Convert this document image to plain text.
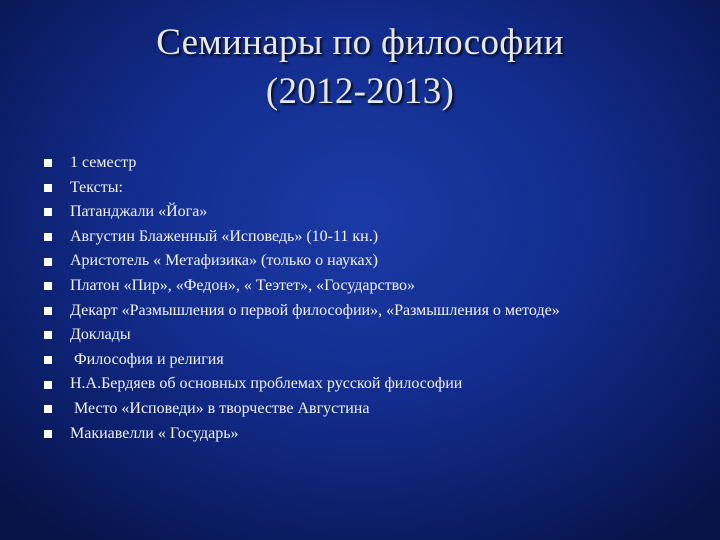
Семинары по философии
(2012-2013)
1 семестр
Тексты:
Патанджали «Йога»
Августин Блаженный «Исповедь» (10-11 кн.)
Аристотель « Метафизика» (только о науках)
Платон «Пир», «Федон», « Теэтет», «Государство»
Декарт «Размышления о первой философии», «Размышления о методе»
Доклады
Философия и религия
Н.А.Бердяев об основных проблемах русской философии
Место «Исповеди» в творчестве Августина
Макиавелли « Государь»
